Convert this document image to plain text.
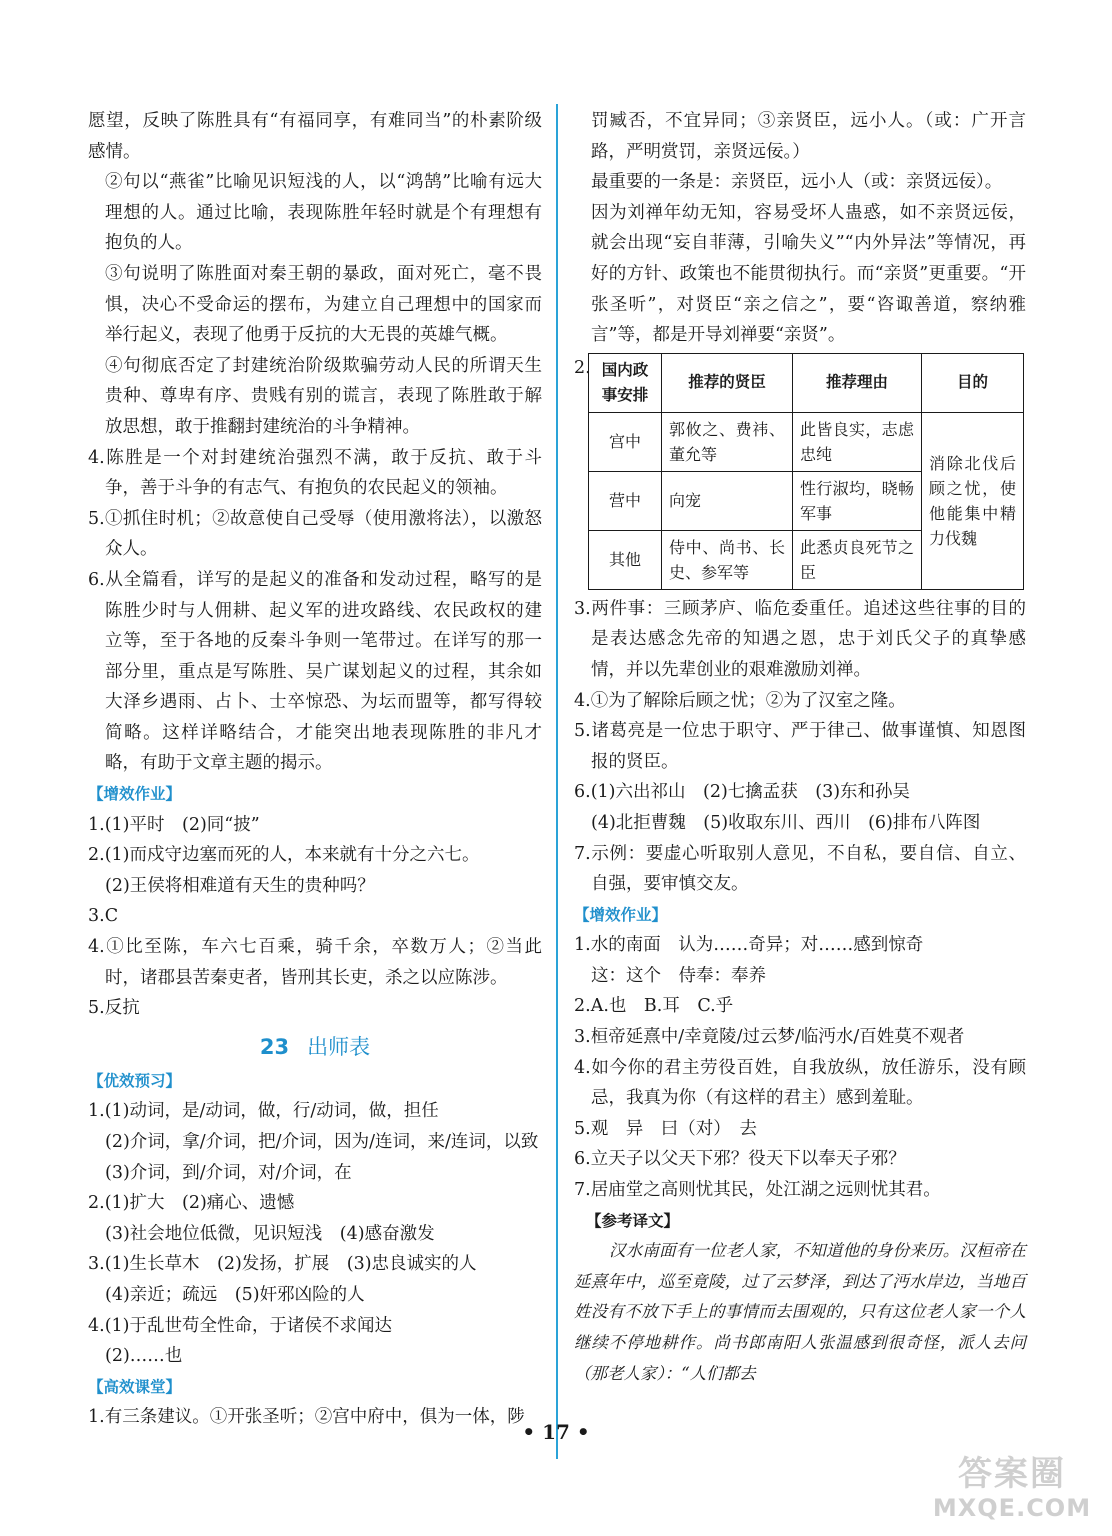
愿望，反映了陈胜具有“有福同享，有难同当”的朴素阶级感情。

②句以“燕雀”比喻见识短浅的人，以“鸿鹄”比喻有远大理想的人。通过比喻，表现陈胜年轻时就是个有理想有抱负的人。

③句说明了陈胜面对秦王朝的暴政，面对死亡，毫不畏惧，决心不受命运的摆布，为建立自己理想中的国家而举行起义，表现了他勇于反抗的大无畏的英雄气概。

④句彻底否定了封建统治阶级欺骗劳动人民的所谓天生贵种、尊卑有序、贵贱有别的谎言，表现了陈胜敢于解放思想，敢于推翻封建统治的斗争精神。

4.陈胜是一个对封建统治强烈不满，敢于反抗、敢于斗争，善于斗争的有志气、有抱负的农民起义的领袖。

5.①抓住时机；②故意使自己受辱（使用激将法），以激怒众人。

6.从全篇看，详写的是起义的准备和发动过程，略写的是陈胜少时与人佣耕、起义军的进攻路线、农民政权的建立等，至于各地的反秦斗争则一笔带过。在详写的那一部分里，重点是写陈胜、吴广谋划起义的过程，其余如大泽乡遇雨、占卜、士卒惊恐、为坛而盟等，都写得较简略。这样详略结合，才能突出地表现陈胜的非凡才略，有助于文章主题的揭示。

【增效作业】

1.(1)平时　(2)同“披”

2.(1)而戍守边塞而死的人，本来就有十分之六七。

(2)王侯将相难道有天生的贵种吗？

3.C

4.①比至陈，车六七百乘，骑千余，卒数万人；②当此时，诸郡县苦秦吏者，皆刑其长吏，杀之以应陈涉。

5.反抗

23 出师表

【优效预习】

1.(1)动词，是/动词，做，行/动词，做，担任

(2)介词，拿/介词，把/介词，因为/连词，来/连词，以致

(3)介词，到/介词，对/介词，在

2.(1)扩大　(2)痛心、遗憾

(3)社会地位低微，见识短浅　(4)感奋激发

3.(1)生长草木　(2)发扬，扩展　(3)忠良诚实的人

(4)亲近；疏远　(5)奸邪凶险的人

4.(1)于乱世苟全性命，于诸侯不求闻达

(2)……也

【高效课堂】

1.有三条建议。①开张圣听；②宫中府中，俱为一体，陟

罚臧否，不宜异同；③亲贤臣，远小人。（或：广开言路，严明赏罚，亲贤远佞。）

最重要的一条是：亲贤臣，远小人（或：亲贤远佞）。

因为刘禅年幼无知，容易受坏人蛊惑，如不亲贤远佞，就会出现“妄自菲薄，引喻失义”“内外异法”等情况，再好的方针、政策也不能贯彻执行。而“亲贤”更重要。“开张圣听”，对贤臣“亲之信之”，要“咨诹善道，察纳雅言”等，都是开导刘禅要“亲贤”。

2. 国内政事安排	推荐的贤臣	推荐理由	目的
宫中	郭攸之、费祎、董允等	此皆良实，志虑忠纯	消除北伐后顾之忧，使他能集中精力伐魏
营中	向宠	性行淑均，晓畅军事	
其他	侍中、尚书、长史、参军等	此悉贞良死节之臣	

3.两件事：三顾茅庐、临危委重任。追述这些往事的目的是表达感念先帝的知遇之恩，忠于刘氏父子的真挚感情，并以先辈创业的艰难激励刘禅。

4.①为了解除后顾之忧；②为了汉室之隆。

5.诸葛亮是一位忠于职守、严于律己、做事谨慎、知恩图报的贤臣。

6.(1)六出祁山　(2)七擒孟获　(3)东和孙吴

(4)北拒曹魏　(5)收取东川、西川　(6)排布八阵图

7.示例：要虚心听取别人意见，不自私，要自信、自立、自强，要审慎交友。

【增效作业】

1.水的南面　认为……奇异；对……感到惊奇

这：这个　侍奉：奉养

2.A.也　B.耳　C.乎

3.桓帝延熹中/幸竟陵/过云梦/临沔水/百姓莫不观者

4.如今你的君主劳役百姓，自我放纵，放任游乐，没有顾忌，我真为你（有这样的君主）感到羞耻。

5.观　异　曰（对）　去

6.立天子以父天下邪？役天下以奉天子邪？

7.居庙堂之高则忧其民，处江湖之远则忧其君。

【参考译文】

汉水南面有一位老人家，不知道他的身份来历。汉桓帝在延熹年中，巡至竟陵，过了云梦泽，到达了沔水岸边，当地百姓没有不放下手上的事情而去围观的，只有这位老人家一个人继续不停地耕作。尚书郎南阳人张温感到很奇怪，派人去问（那老人家）：“人们都去

• 17 •
答案圈
MXQE.COM
